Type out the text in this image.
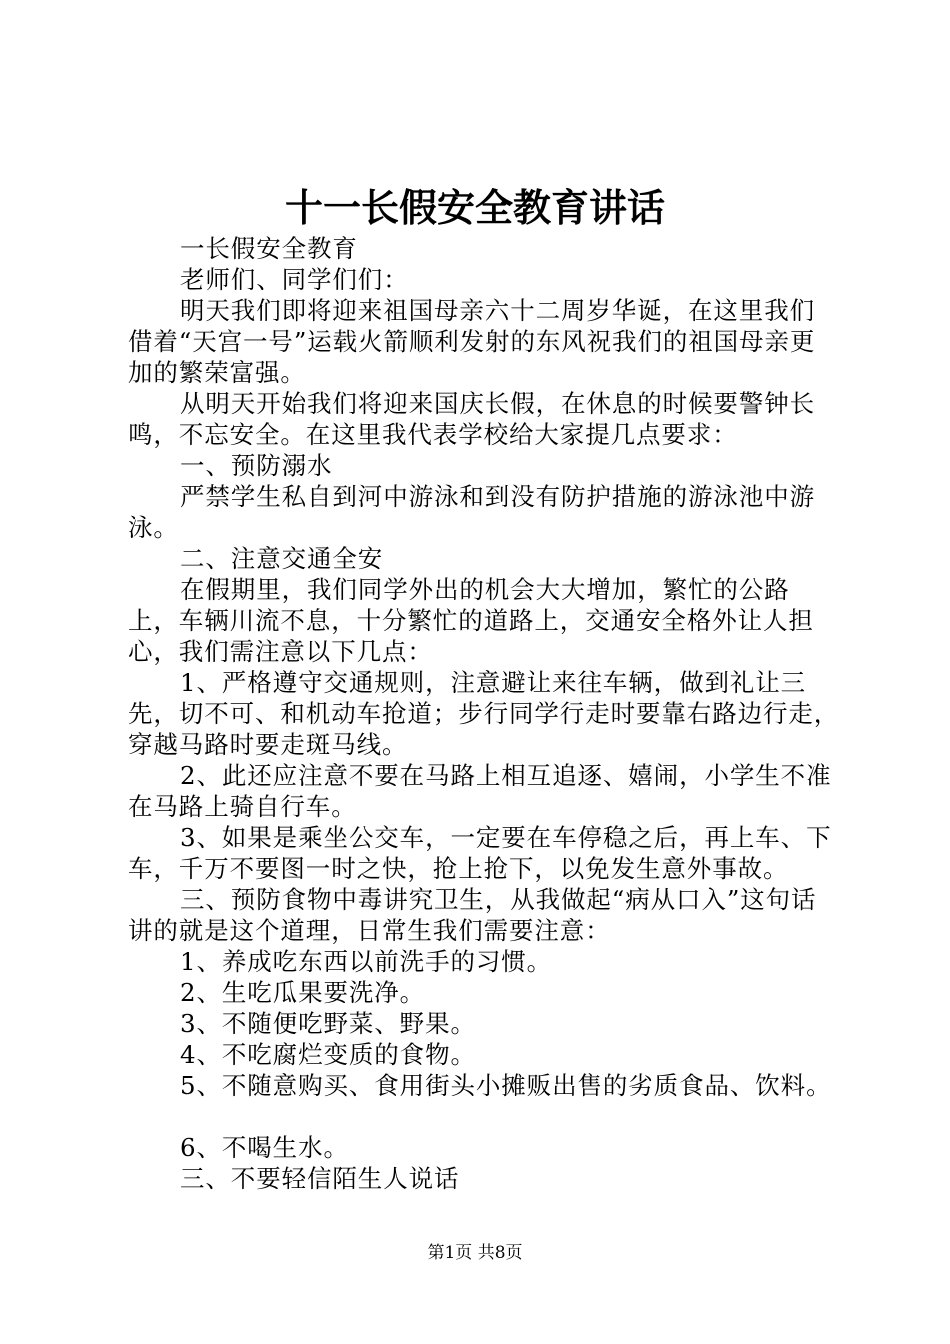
十一长假安全教育讲话

一长假安全教育

老师们、同学们们：

明天我们即将迎来祖国母亲六十二周岁华诞，在这里我们借着“天宫一号”运载火箭顺利发射的东风祝我们的祖国母亲更加的繁荣富强。

从明天开始我们将迎来国庆长假，在休息的时候要警钟长鸣，不忘安全。在这里我代表学校给大家提几点要求：

一、预防溺水

严禁学生私自到河中游泳和到没有防护措施的游泳池中游泳。

二、注意交通全安

在假期里，我们同学外出的机会大大增加，繁忙的公路上，车辆川流不息，十分繁忙的道路上，交通安全格外让人担心，我们需注意以下几点：

1、严格遵守交通规则，注意避让来往车辆，做到礼让三先，切不可、和机动车抢道；步行同学行走时要靠右路边行走，穿越马路时要走斑马线。

2、此还应注意不要在马路上相互追逐、嬉闹，小学生不准在马路上骑自行车。

3、如果是乘坐公交车，一定要在车停稳之后，再上车、下车，千万不要图一时之快，抢上抢下，以免发生意外事故。

三、预防食物中毒讲究卫生，从我做起“病从口入”这句话讲的就是这个道理，日常生我们需要注意：

1、养成吃东西以前洗手的习惯。

2、生吃瓜果要洗净。

3、不随便吃野菜、野果。

4、不吃腐烂变质的食物。

5、不随意购买、食用街头小摊贩出售的劣质食品、饮料。

6、不喝生水。

三、不要轻信陌生人说话

第1页 共8页
